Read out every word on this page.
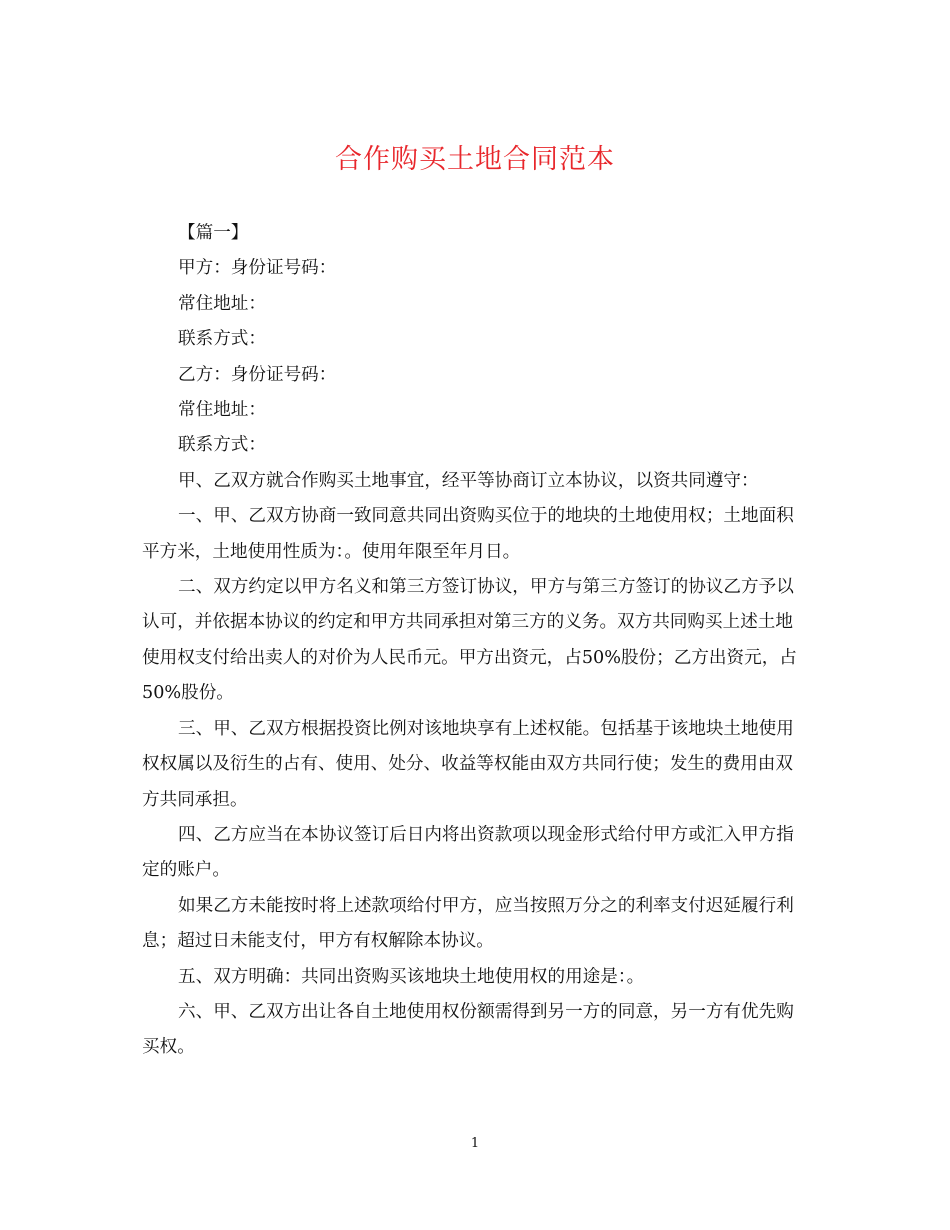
合作购买土地合同范本

【篇一】

甲方：身份证号码：

常住地址：

联系方式：

乙方：身份证号码：

常住地址：

联系方式：

甲、乙双方就合作购买土地事宜，经平等协商订立本协议，以资共同遵守：

一、甲、乙双方协商一致同意共同出资购买位于的地块的土地使用权；土地面积平方米，土地使用性质为：。使用年限至年月日。

二、双方约定以甲方名义和第三方签订协议，甲方与第三方签订的协议乙方予以认可，并依据本协议的约定和甲方共同承担对第三方的义务。双方共同购买上述土地使用权支付给出卖人的对价为人民币元。甲方出资元，占50%股份；乙方出资元，占50%股份。

三、甲、乙双方根据投资比例对该地块享有上述权能。包括基于该地块土地使用权权属以及衍生的占有、使用、处分、收益等权能由双方共同行使；发生的费用由双方共同承担。

四、乙方应当在本协议签订后日内将出资款项以现金形式给付甲方或汇入甲方指定的账户。

如果乙方未能按时将上述款项给付甲方，应当按照万分之的利率支付迟延履行利息；超过日未能支付，甲方有权解除本协议。

五、双方明确：共同出资购买该地块土地使用权的用途是：。

六、甲、乙双方出让各自土地使用权份额需得到另一方的同意，另一方有优先购买权。

1
